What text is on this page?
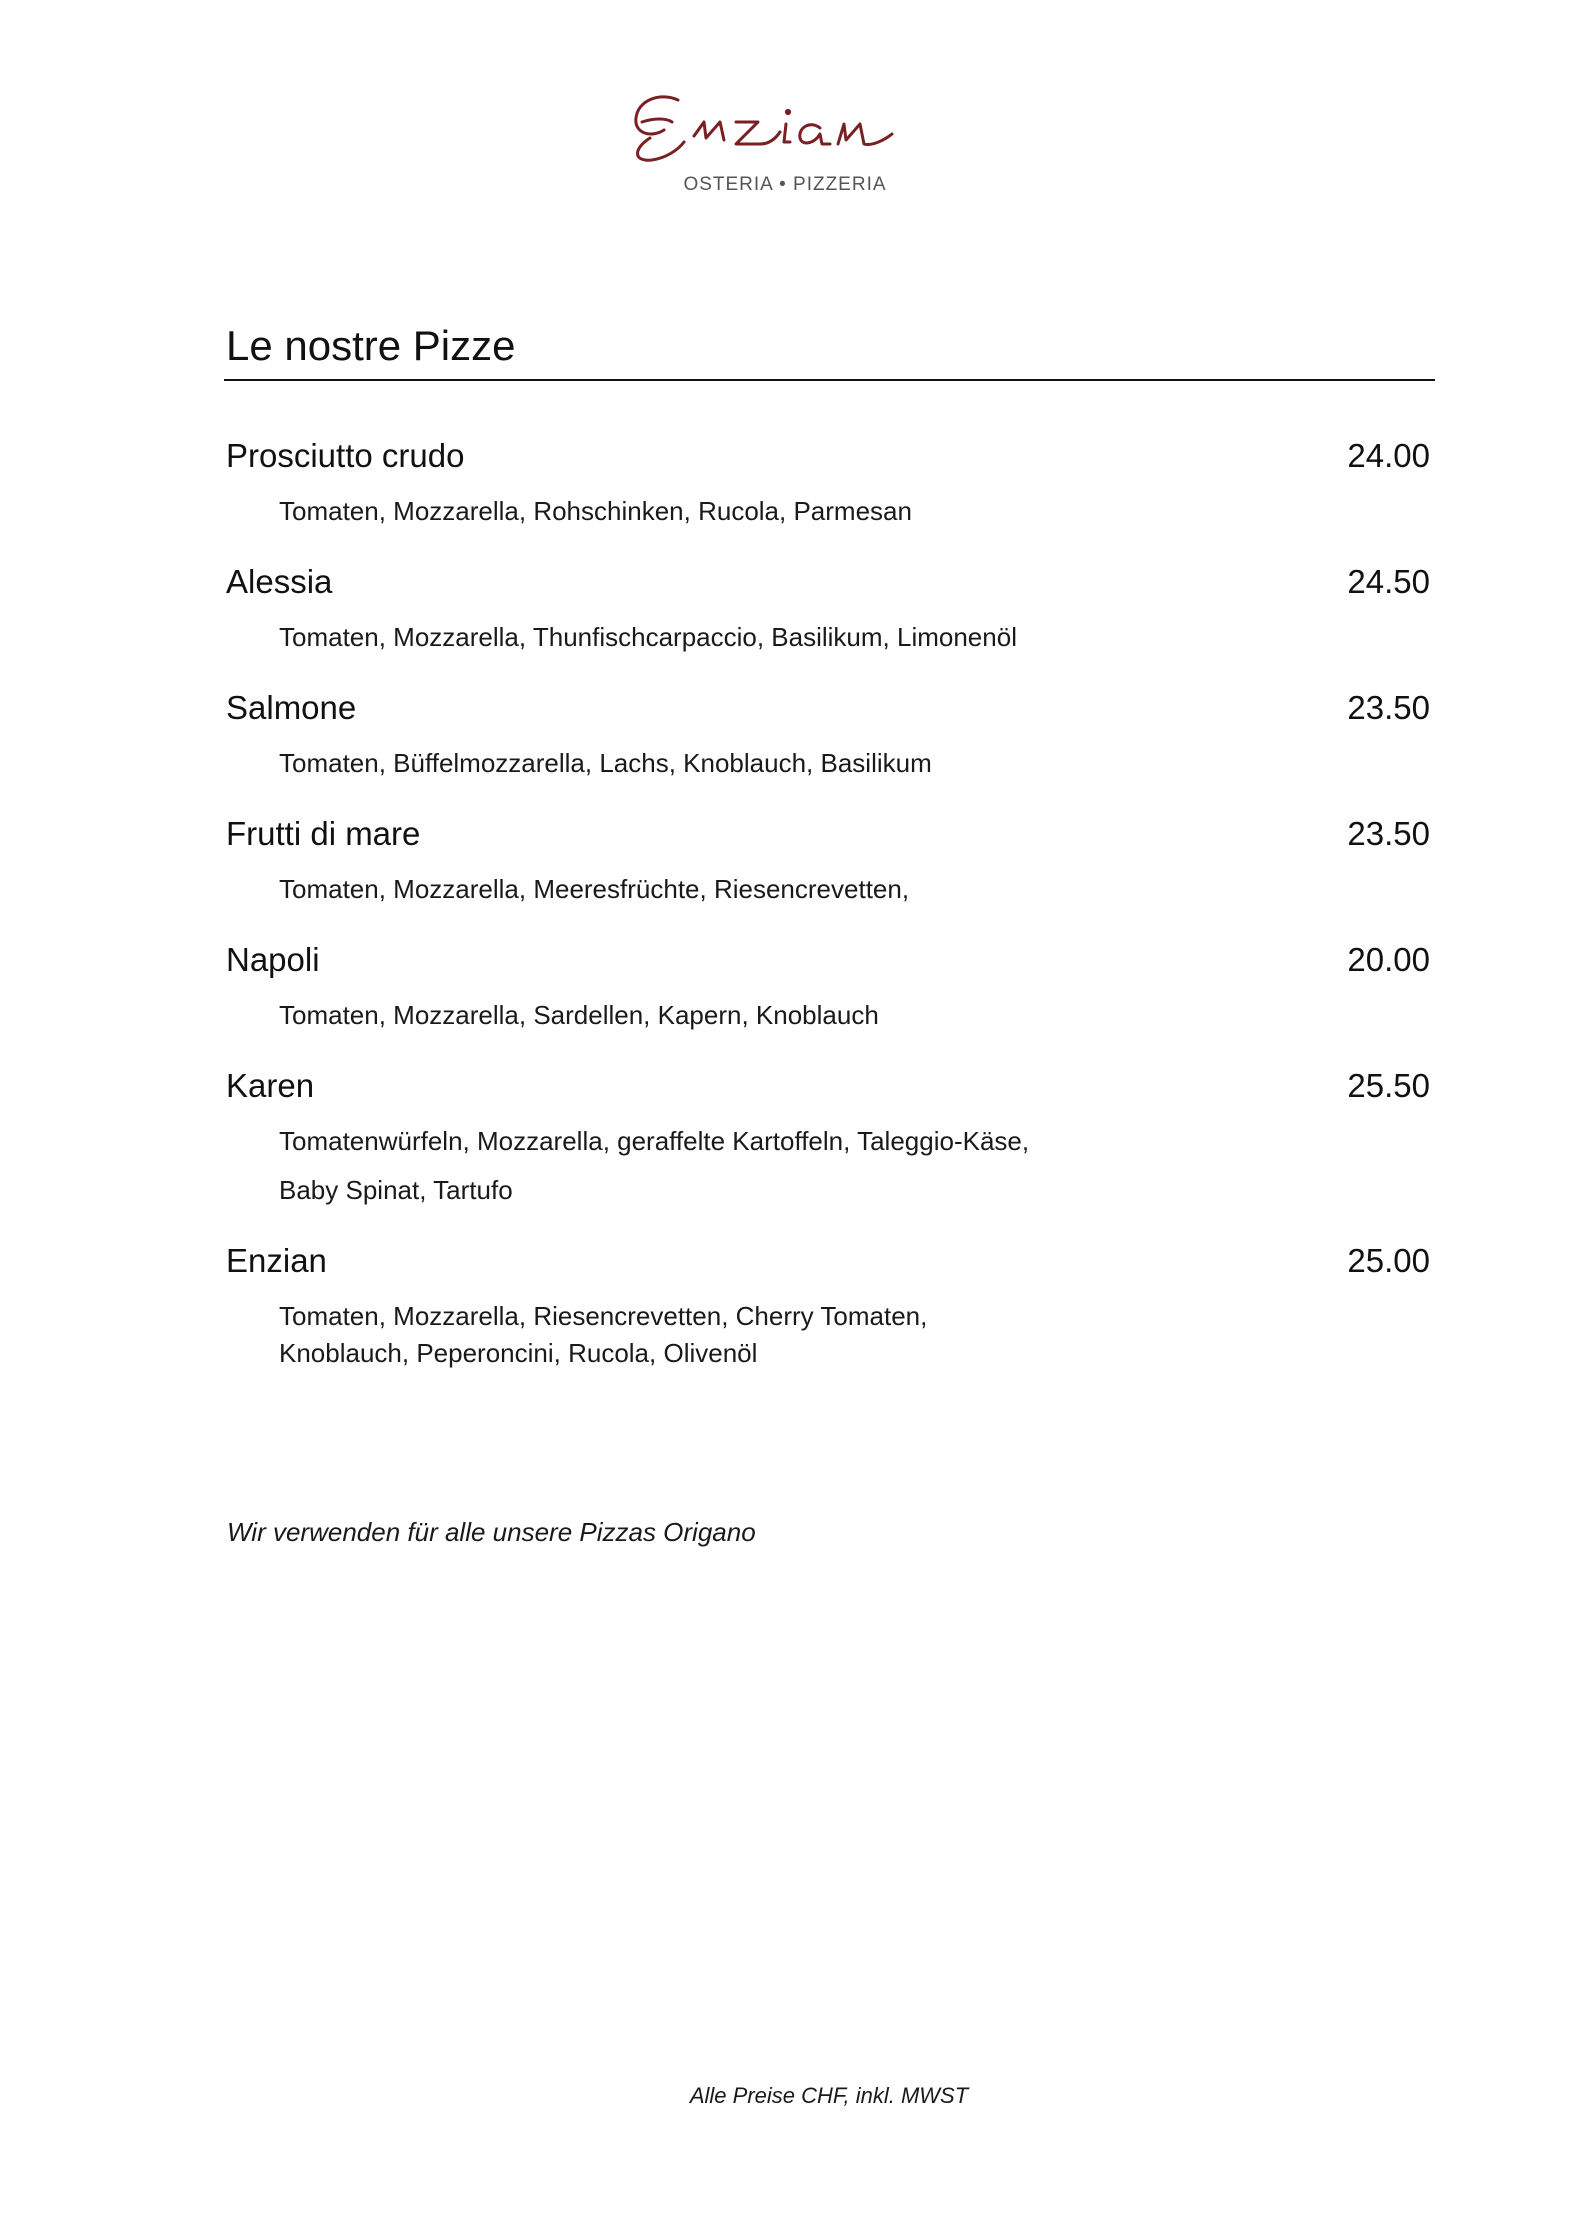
OSTERIA • PIZZERIA
Le nostre Pizze
Prosciutto crudo	24.00
Tomaten, Mozzarella, Rohschinken, Rucola, Parmesan
Alessia	24.50
Tomaten, Mozzarella, Thunfischcarpaccio, Basilikum, Limonenöl
Salmone	23.50
Tomaten, Büffelmozzarella, Lachs, Knoblauch, Basilikum
Frutti di mare	23.50
Tomaten, Mozzarella, Meeresfrüchte, Riesencrevetten,
Napoli	20.00
Tomaten, Mozzarella, Sardellen, Kapern, Knoblauch
Karen	25.50
Tomatenwürfeln, Mozzarella, geraffelte Kartoffeln, Taleggio-Käse,
Baby Spinat, Tartufo
Enzian	25.00
Tomaten, Mozzarella, Riesencrevetten, Cherry Tomaten,
Knoblauch, Peperoncini, Rucola, Olivenöl
Wir verwenden für alle unsere Pizzas Origano
Alle Preise CHF, inkl. MWST
